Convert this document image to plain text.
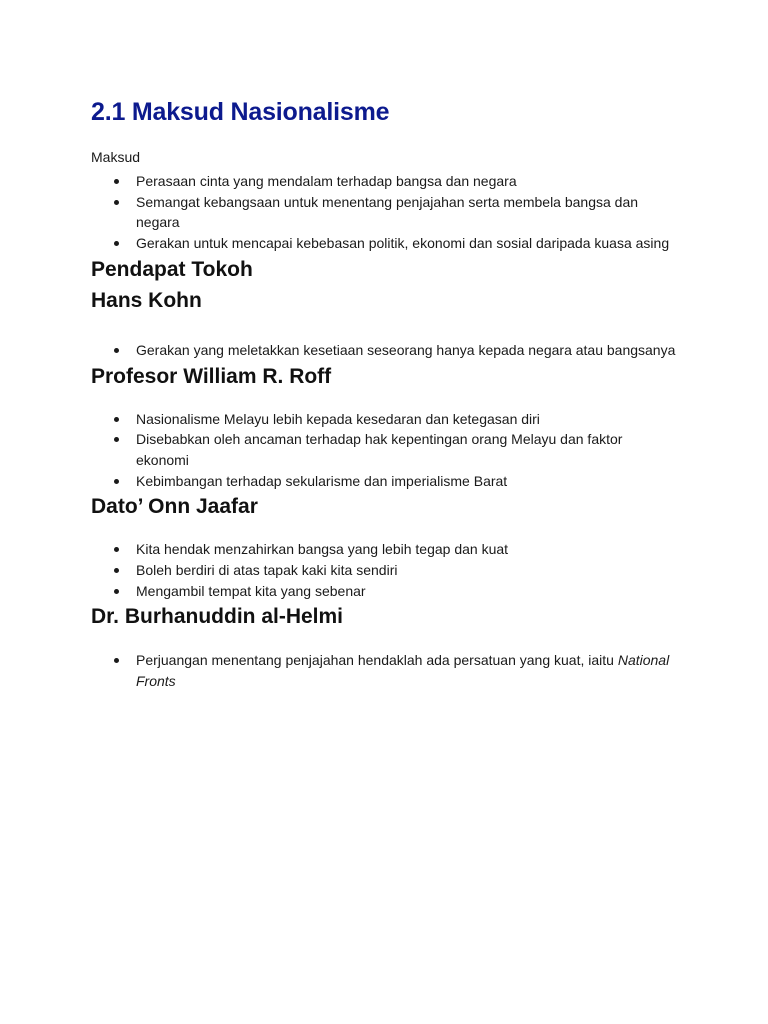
2.1 Maksud Nasionalisme

Maksud

Perasaan cinta yang mendalam terhadap bangsa dan negara
Semangat kebangsaan untuk menentang penjajahan serta membela bangsa dan negara
Gerakan untuk mencapai kebebasan politik, ekonomi dan sosial daripada kuasa asing
Pendapat Tokoh
Hans Kohn
Gerakan yang meletakkan kesetiaan seseorang hanya kepada negara atau bangsanya
Profesor William R. Roff
Nasionalisme Melayu lebih kepada kesedaran dan ketegasan diri
Disebabkan oleh ancaman terhadap hak kepentingan orang Melayu dan faktor ekonomi
Kebimbangan terhadap sekularisme dan imperialisme Barat
Dato’ Onn Jaafar
Kita hendak menzahirkan bangsa yang lebih tegap dan kuat
Boleh berdiri di atas tapak kaki kita sendiri
Mengambil tempat kita yang sebenar
Dr. Burhanuddin al-Helmi
Perjuangan menentang penjajahan hendaklah ada persatuan yang kuat, iaitu National Fronts
